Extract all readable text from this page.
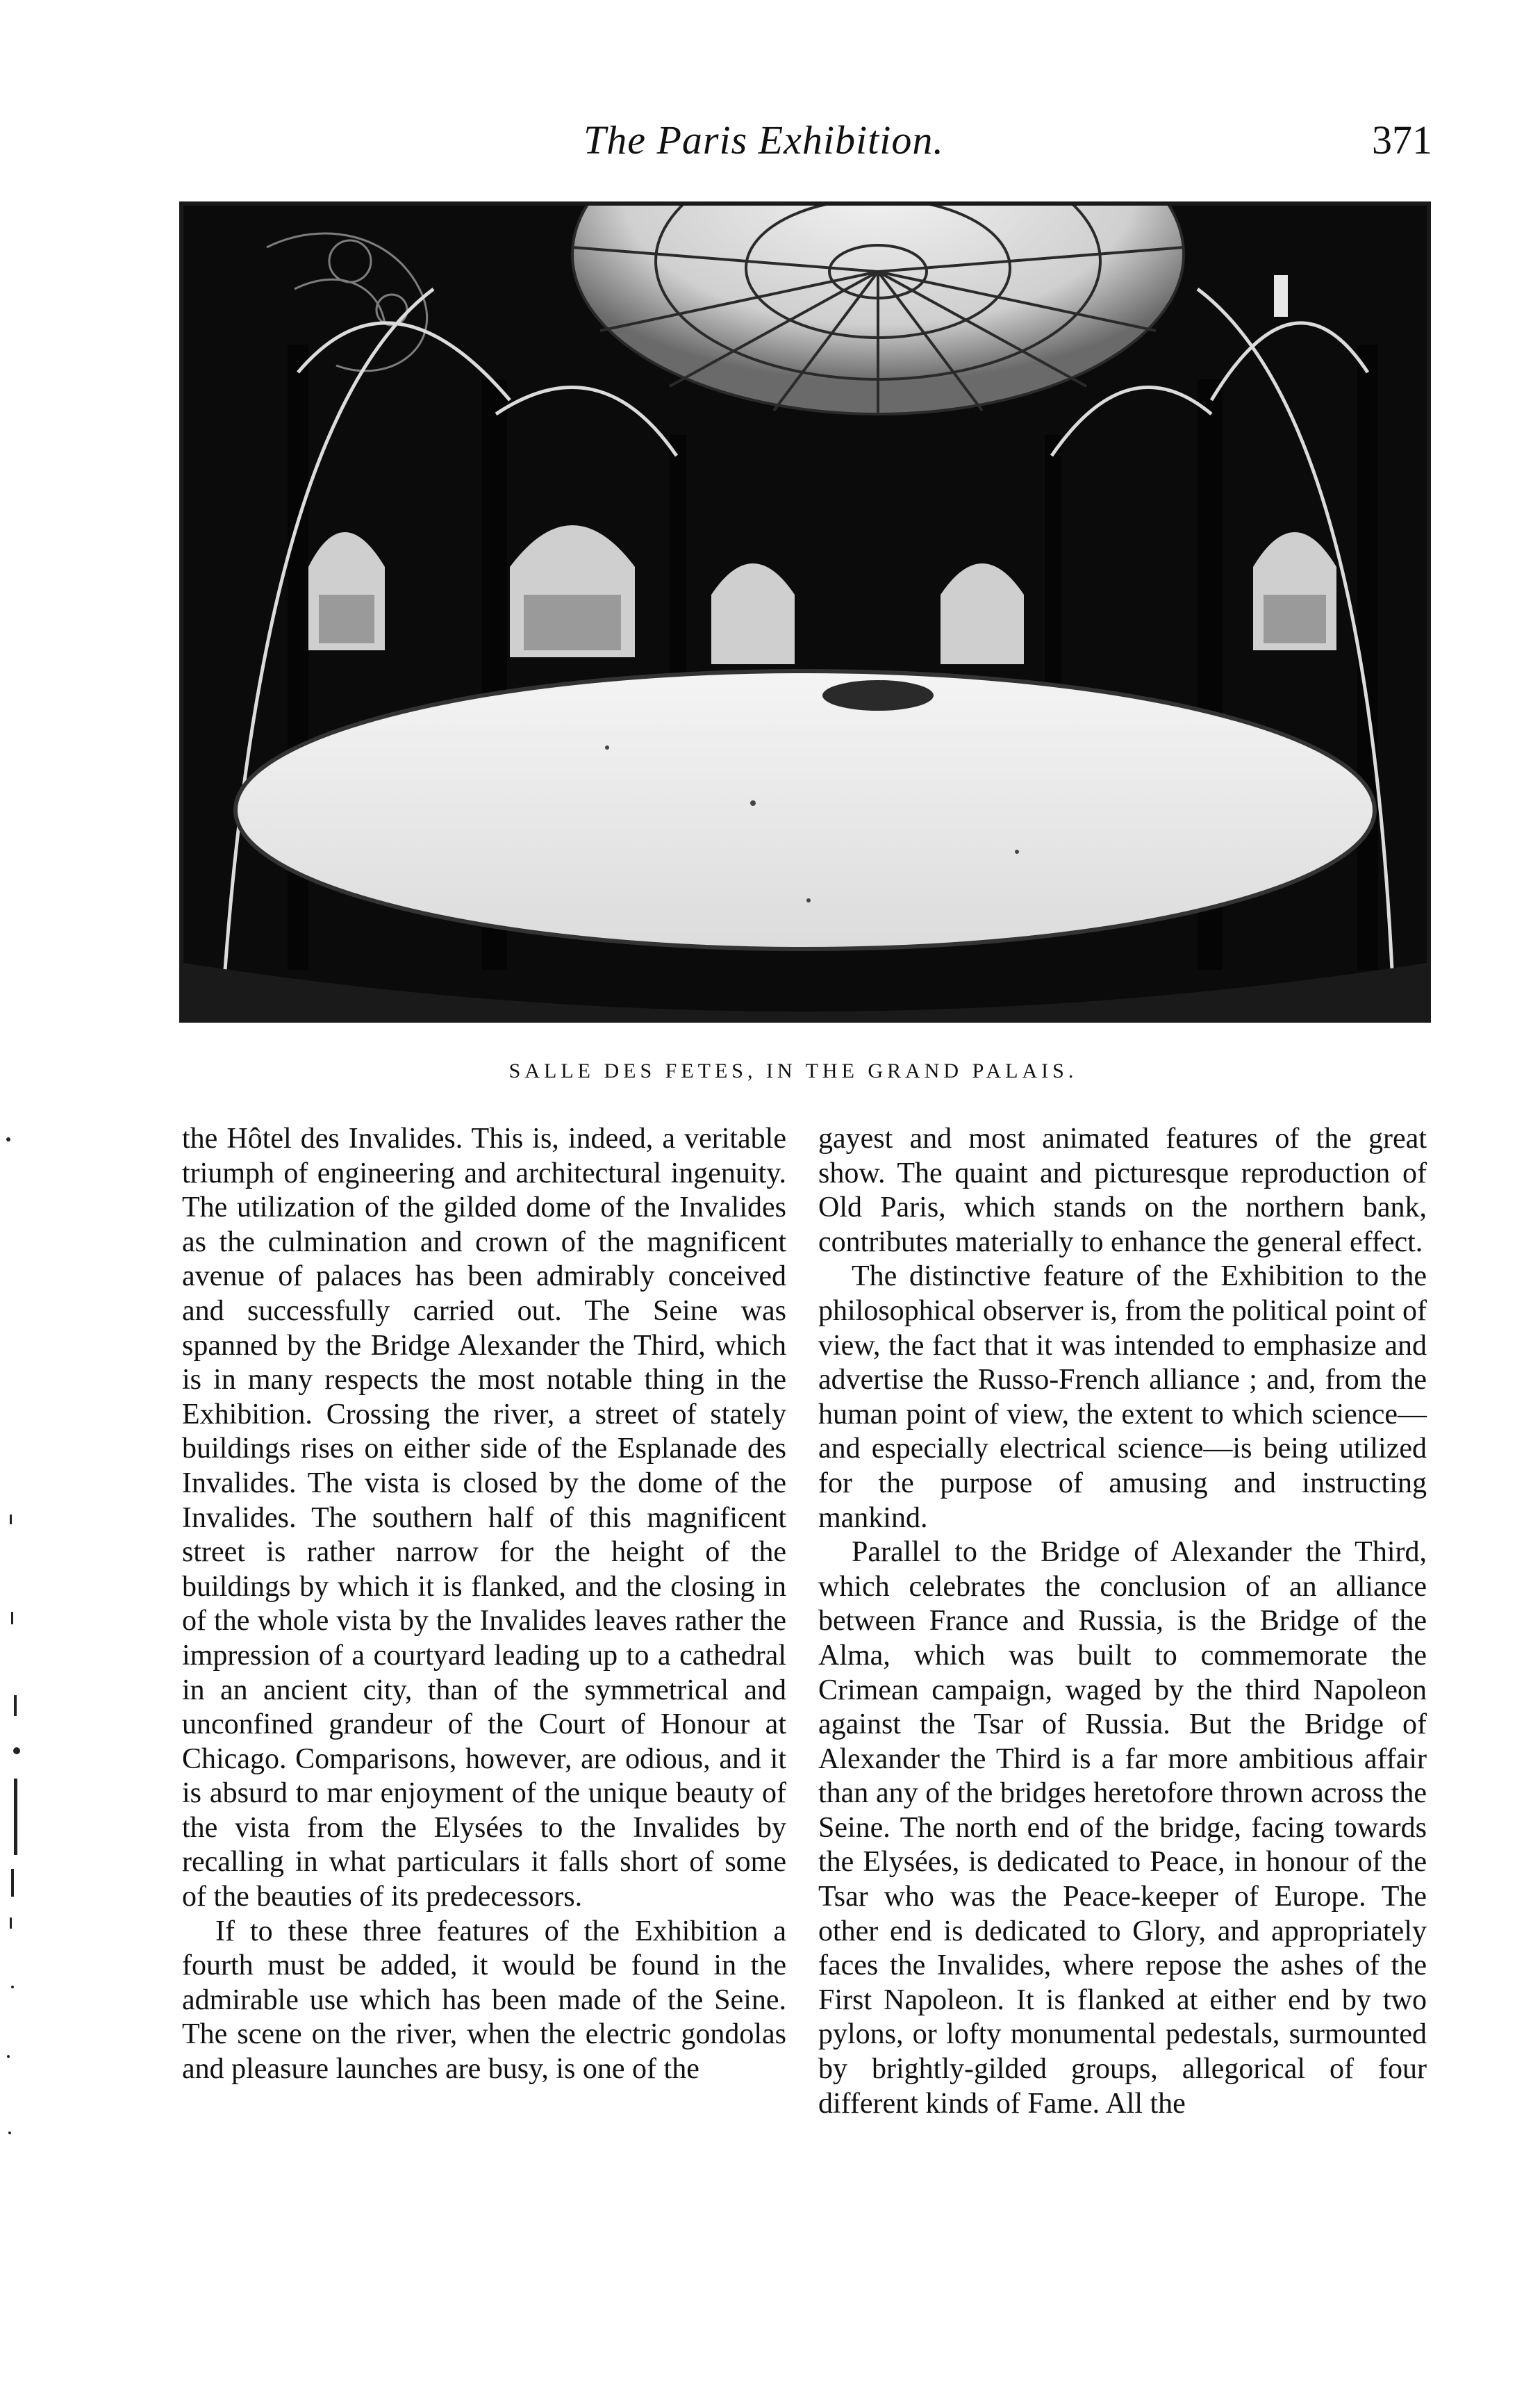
The Paris Exhibition.	371
SALLE DES FETES, IN THE GRAND PALAIS.

the Hôtel des Invalides. This is, indeed, a veritable triumph of engineering and architectural ingenuity. The utilization of the gilded dome of the Invalides as the culmination and crown of the magnificent avenue of palaces has been admirably conceived and successfully carried out. The Seine was spanned by the Bridge Alexander the Third, which is in many respects the most notable thing in the Exhibition. Crossing the river, a street of stately buildings rises on either side of the Esplanade des Invalides. The vista is closed by the dome of the Invalides. The southern half of this magnificent street is rather narrow for the height of the buildings by which it is flanked, and the closing in of the whole vista by the Invalides leaves rather the impression of a courtyard leading up to a cathedral in an ancient city, than of the symmetrical and unconfined grandeur of the Court of Honour at Chicago. Comparisons, however, are odious, and it is absurd to mar enjoyment of the unique beauty of the vista from the Elysées to the Invalides by recalling in what particulars it falls short of some of the beauties of its predecessors.

If to these three features of the Exhibition a fourth must be added, it would be found in the admirable use which has been made of the Seine. The scene on the river, when the electric gondolas and pleasure launches are busy, is one of the

gayest and most animated features of the great show. The quaint and picturesque reproduction of Old Paris, which stands on the northern bank, contributes materially to enhance the general effect.

The distinctive feature of the Exhibition to the philosophical observer is, from the political point of view, the fact that it was intended to emphasize and advertise the Russo-French alliance ; and, from the human point of view, the extent to which science—and especially electrical science—is being utilized for the purpose of amusing and instructing mankind.

Parallel to the Bridge of Alexander the Third, which celebrates the conclusion of an alliance between France and Russia, is the Bridge of the Alma, which was built to commemorate the Crimean campaign, waged by the third Napoleon against the Tsar of Russia. But the Bridge of Alexander the Third is a far more ambitious affair than any of the bridges heretofore thrown across the Seine. The north end of the bridge, facing towards the Elysées, is dedicated to Peace, in honour of the Tsar who was the Peace-keeper of Europe. The other end is dedicated to Glory, and appropriately faces the Invalides, where repose the ashes of the First Napoleon. It is flanked at either end by two pylons, or lofty monumental pedestals, surmounted by brightly-gilded groups, allegorical of four different kinds of Fame. All the
